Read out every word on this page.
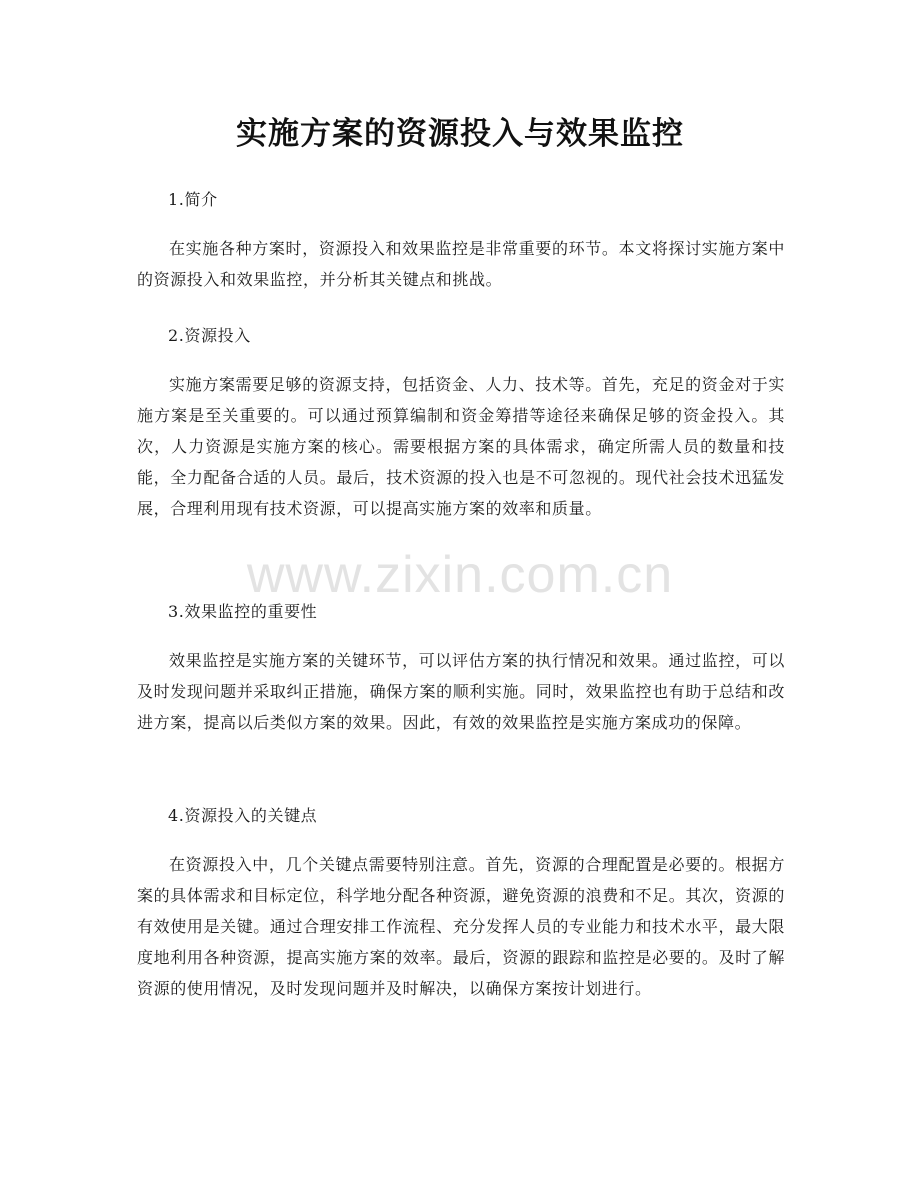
www.zixin.com.cn
实施方案的资源投入与效果监控

1.简介

在实施各种方案时，资源投入和效果监控是非常重要的环节。本文将探讨实施方案中的资源投入和效果监控，并分析其关键点和挑战。

2.资源投入

实施方案需要足够的资源支持，包括资金、人力、技术等。首先，充足的资金对于实施方案是至关重要的。可以通过预算编制和资金筹措等途径来确保足够的资金投入。其次，人力资源是实施方案的核心。需要根据方案的具体需求，确定所需人员的数量和技能，全力配备合适的人员。最后，技术资源的投入也是不可忽视的。现代社会技术迅猛发展，合理利用现有技术资源，可以提高实施方案的效率和质量。

3.效果监控的重要性

效果监控是实施方案的关键环节，可以评估方案的执行情况和效果。通过监控，可以及时发现问题并采取纠正措施，确保方案的顺利实施。同时，效果监控也有助于总结和改进方案，提高以后类似方案的效果。因此，有效的效果监控是实施方案成功的保障。

4.资源投入的关键点

在资源投入中，几个关键点需要特别注意。首先，资源的合理配置是必要的。根据方案的具体需求和目标定位，科学地分配各种资源，避免资源的浪费和不足。其次，资源的有效使用是关键。通过合理安排工作流程、充分发挥人员的专业能力和技术水平，最大限度地利用各种资源，提高实施方案的效率。最后，资源的跟踪和监控是必要的。及时了解资源的使用情况，及时发现问题并及时解决，以确保方案按计划进行。
